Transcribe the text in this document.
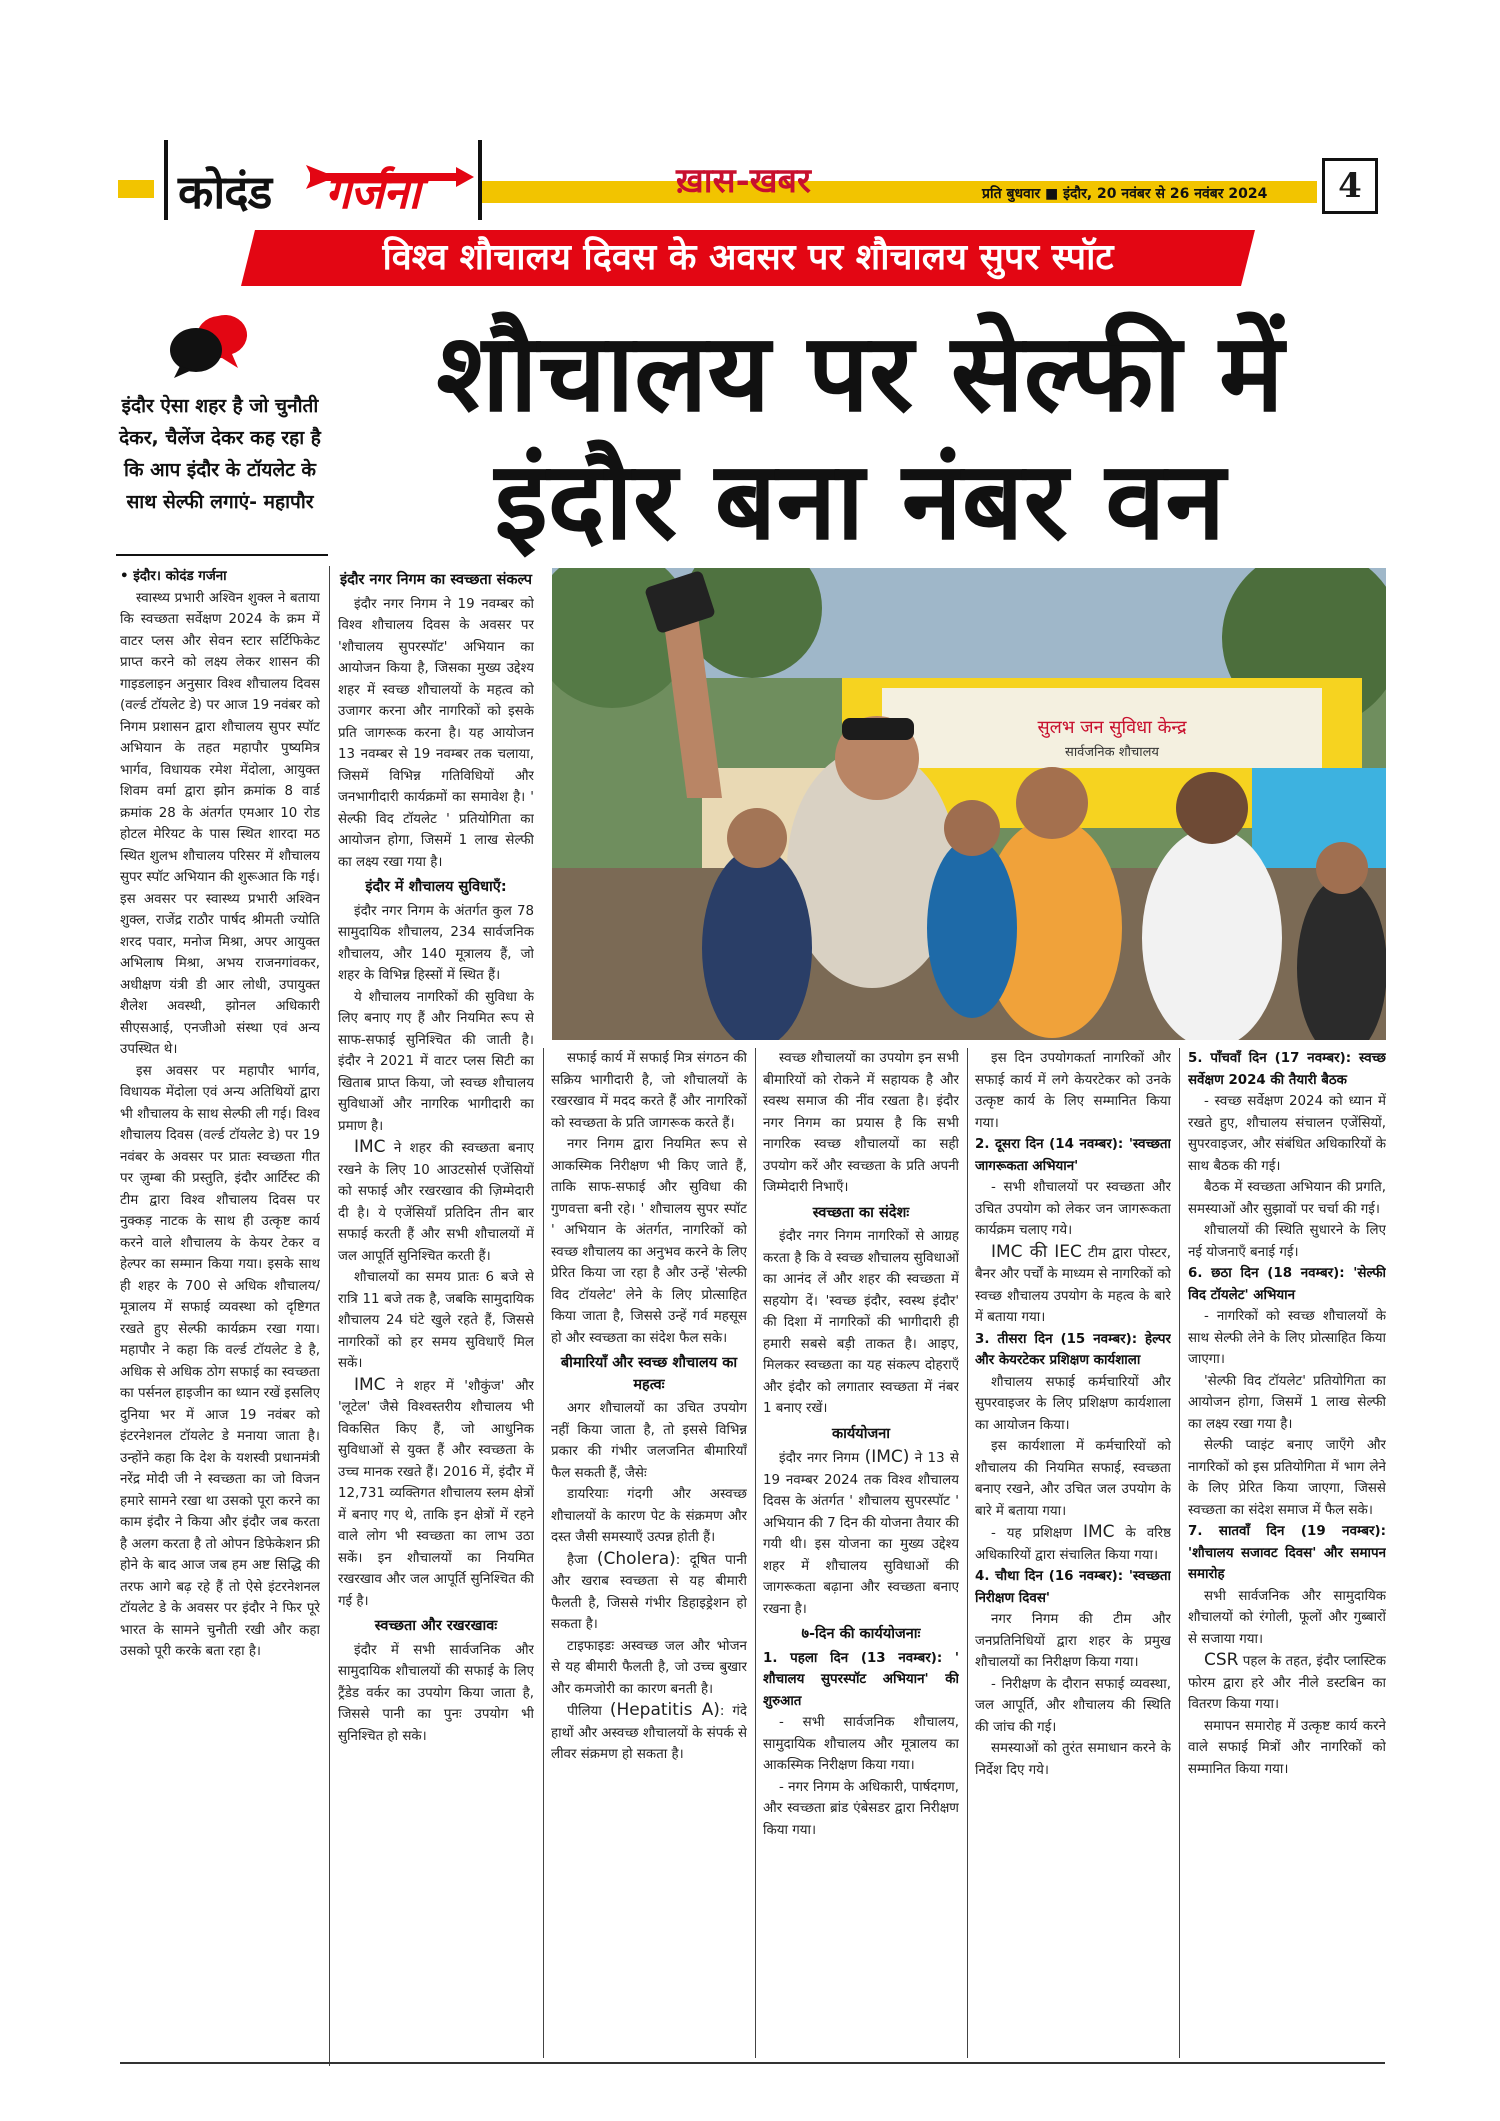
कोदंड गर्जना	ख़ास-खबर	प्रति बुधवार ■ इंदौर, 20 नवंबर से 26 नवंबर 2024	4
विश्व शौचालय दिवस के अवसर पर शौचालय सुपर स्पॉट
शौचालय पर सेल्फी में
इंदौर बना नंबर वन
इंदौर ऐसा शहर है जो चुनौती देकर, चैलेंज देकर कह रहा है कि आप इंदौर के टॉयलेट के साथ सेल्फी लगाएं- महापौर
सुलभ जन सुविधा केन्द्र
सार्वजनिक शौचालय

• इंदौर। कोदंड गर्जना

स्वास्थ्य प्रभारी अश्विन शुक्ल ने बताया कि स्वच्छता सर्वेक्षण 2024 के क्रम में वाटर प्लस और सेवन स्टार सर्टिफिकेट प्राप्त करने को लक्ष्य लेकर शासन की गाइडलाइन अनुसार विश्व शौचालय दिवस (वर्ल्ड टॉयलेट डे) पर आज 19 नवंबर को निगम प्रशासन द्वारा शौचालय सुपर स्पॉट अभियान के तहत महापौर पुष्यमित्र भार्गव, विधायक रमेश मेंदोला, आयुक्त शिवम वर्मा द्वारा झोन क्रमांक 8 वार्ड क्रमांक 28 के अंतर्गत एमआर 10 रोड होटल मेरियट के पास स्थित शारदा मठ स्थित शुलभ शौचालय परिसर में शौचालय सुपर स्पॉट अभियान की शुरूआत कि गई। इस अवसर पर स्वास्थ्य प्रभारी अश्विन शुक्ल, राजेंद्र राठौर पार्षद श्रीमती ज्योति शरद पवार, मनोज मिश्रा, अपर आयुक्त अभिलाष मिश्रा, अभय राजनगांवकर, अधीक्षण यंत्री डी आर लोधी, उपायुक्त शैलेश अवस्थी, झोनल अधिकारी सीएसआई, एनजीओ संस्था एवं अन्य उपस्थित थे।

इस अवसर पर महापौर भार्गव, विधायक मेंदोला एवं अन्य अतिथियों द्वारा भी शौचालय के साथ सेल्फी ली गई। विश्व शौचालय दिवस (वर्ल्ड टॉयलेट डे) पर 19 नवंबर के अवसर पर प्रातः स्वच्छता गीत पर ज़ुम्बा की प्रस्तुति, इंदौर आर्टिस्ट की टीम द्वारा विश्व शौचालय दिवस पर नुक्कड़ नाटक के साथ ही उत्कृष्ट कार्य करने वाले शौचालय के केयर टेकर व हेल्पर का सम्मान किया गया। इसके साथ ही शहर के 700 से अधिक शौचालय/मूत्रालय में सफाई व्यवस्था को दृष्टिगत रखते हुए सेल्फी कार्यक्रम रखा गया। महापौर ने कहा कि वर्ल्ड टॉयलेट डे है, अधिक से अधिक ठोग सफाई का स्वच्छता का पर्सनल हाइजीन का ध्यान रखें इसलिए दुनिया भर में आज 19 नवंबर को इंटरनेशनल टॉयलेट डे मनाया जाता है। उन्होंने कहा कि देश के यशस्वी प्रधानमंत्री नरेंद्र मोदी जी ने स्वच्छता का जो विजन हमारे सामने रखा था उसको पूरा करने का काम इंदौर ने किया और इंदौर जब करता है अलग करता है तो ओपन डिफेकेशन फ्री होने के बाद आज जब हम अष्ट सिद्धि की तरफ आगे बढ़ रहे हैं तो ऐसे इंटरनेशनल टॉयलेट डे के अवसर पर इंदौर ने फिर पूरे भारत के सामने चुनौती रखी और कहा उसको पूरी करके बता रहा है।

इंदौर नगर निगम का स्वच्छता संकल्प

इंदौर नगर निगम ने 19 नवम्बर को विश्व शौचालय दिवस के अवसर पर 'शौचालय सुपरस्पॉट' अभियान का आयोजन किया है, जिसका मुख्य उद्देश्य शहर में स्वच्छ शौचालयों के महत्व को उजागर करना और नागरिकों को इसके प्रति जागरूक करना है। यह आयोजन 13 नवम्बर से 19 नवम्बर तक चलाया, जिसमें विभिन्न गतिविधियों और जनभागीदारी कार्यक्रमों का समावेश है। ' सेल्फी विद टॉयलेट ' प्रतियोगिता का आयोजन होगा, जिसमें 1 लाख सेल्फी का लक्ष्य रखा गया है।

इंदौर में शौचालय सुविधाएँ:

इंदौर नगर निगम के अंतर्गत कुल 78 सामुदायिक शौचालय, 234 सार्वजनिक शौचालय, और 140 मूत्रालय हैं, जो शहर के विभिन्न हिस्सों में स्थित हैं।

ये शौचालय नागरिकों की सुविधा के लिए बनाए गए हैं और नियमित रूप से साफ-सफाई सुनिश्चित की जाती है। इंदौर ने 2021 में वाटर प्लस सिटी का खिताब प्राप्त किया, जो स्वच्छ शौचालय सुविधाओं और नागरिक भागीदारी का प्रमाण है।

IMC ने शहर की स्वच्छता बनाए रखने के लिए 10 आउटसोर्स एजेंसियों को सफाई और रखरखाव की ज़िम्मेदारी दी है। ये एजेंसियाँ प्रतिदिन तीन बार सफाई करती हैं और सभी शौचालयों में जल आपूर्ति सुनिश्चित करती हैं।

शौचालयों का समय प्रातः 6 बजे से रात्रि 11 बजे तक है, जबकि सामुदायिक शौचालय 24 घंटे खुले रहते हैं, जिससे नागरिकों को हर समय सुविधाएँ मिल सकें।

IMC ने शहर में 'शौकुंज' और 'लूटेल' जैसे विश्वस्तरीय शौचालय भी विकसित किए हैं, जो आधुनिक सुविधाओं से युक्त हैं और स्वच्छता के उच्च मानक रखते हैं। 2016 में, इंदौर में 12,731 व्यक्तिगत शौचालय स्लम क्षेत्रों में बनाए गए थे, ताकि इन क्षेत्रों में रहने वाले लोग भी स्वच्छता का लाभ उठा सकें। इन शौचालयों का नियमित रखरखाव और जल आपूर्ति सुनिश्चित की गई है।

स्वच्छता और रखरखावः

इंदौर में सभी सार्वजनिक और सामुदायिक शौचालयों की सफाई के लिए ट्रैंडेड वर्कर का उपयोग किया जाता है, जिससे पानी का पुनः उपयोग भी सुनिश्चित हो सके।

सफाई कार्य में सफाई मित्र संगठन की सक्रिय भागीदारी है, जो शौचालयों के रखरखाव में मदद करते हैं और नागरिकों को स्वच्छता के प्रति जागरूक करते हैं।

नगर निगम द्वारा नियमित रूप से आकस्मिक निरीक्षण भी किए जाते हैं, ताकि साफ-सफाई और सुविधा की गुणवत्ता बनी रहे। ' शौचालय सुपर स्पॉट ' अभियान के अंतर्गत, नागरिकों को स्वच्छ शौचालय का अनुभव करने के लिए प्रेरित किया जा रहा है और उन्हें 'सेल्फी विद टॉयलेट' लेने के लिए प्रोत्साहित किया जाता है, जिससे उन्हें गर्व महसूस हो और स्वच्छता का संदेश फैल सके।

बीमारियाँ और स्वच्छ शौचालय का महत्वः

अगर शौचालयों का उचित उपयोग नहीं किया जाता है, तो इससे विभिन्न प्रकार की गंभीर जलजनित बीमारियाँ फैल सकती हैं, जैसेः

डायरियाः गंदगी और अस्वच्छ शौचालयों के कारण पेट के संक्रमण और दस्त जैसी समस्याएँ उत्पन्न होती हैं।

हैजा (Cholera): दूषित पानी और खराब स्वच्छता से यह बीमारी फैलती है, जिससे गंभीर डिहाइड्रेशन हो सकता है।

टाइफाइडः अस्वच्छ जल और भोजन से यह बीमारी फैलती है, जो उच्च बुखार और कमजोरी का कारण बनती है।

पीलिया (Hepatitis A): गंदे हाथों और अस्वच्छ शौचालयों के संपर्क से लीवर संक्रमण हो सकता है।

स्वच्छ शौचालयों का उपयोग इन सभी बीमारियों को रोकने में सहायक है और स्वस्थ समाज की नींव रखता है। इंदौर नगर निगम का प्रयास है कि सभी नागरिक स्वच्छ शौचालयों का सही उपयोग करें और स्वच्छता के प्रति अपनी जिम्मेदारी निभाएँ।

स्वच्छता का संदेशः

इंदौर नगर निगम नागरिकों से आग्रह करता है कि वे स्वच्छ शौचालय सुविधाओं का आनंद लें और शहर की स्वच्छता में सहयोग दें। 'स्वच्छ इंदौर, स्वस्थ इंदौर' की दिशा में नागरिकों की भागीदारी ही हमारी सबसे बड़ी ताकत है। आइए, मिलकर स्वच्छता का यह संकल्प दोहराएँ और इंदौर को लगातार स्वच्छता में नंबर 1 बनाए रखें।

कार्ययोजना

इंदौर नगर निगम (IMC) ने 13 से 19 नवम्बर 2024 तक विश्व शौचालय दिवस के अंतर्गत ' शौचालय सुपरस्पॉट ' अभियान की 7 दिन की योजना तैयार की गयी थी। इस योजना का मुख्य उद्देश्य शहर में शौचालय सुविधाओं की जागरूकता बढ़ाना और स्वच्छता बनाए रखना है।

७-दिन की कार्ययोजनाः

1. पहला दिन (13 नवम्बर): ' शौचालय सुपरस्पॉट अभियान' की शुरुआत

- सभी सार्वजनिक शौचालय, सामुदायिक शौचालय और मूत्रालय का आकस्मिक निरीक्षण किया गया।

- नगर निगम के अधिकारी, पार्षदगण, और स्वच्छता ब्रांड एंबेसडर द्वारा निरीक्षण किया गया।

इस दिन उपयोगकर्ता नागरिकों और सफाई कार्य में लगे केयरटेकर को उनके उत्कृष्ट कार्य के लिए सम्मानित किया गया।

2. दूसरा दिन (14 नवम्बर): 'स्वच्छता जागरूकता अभियान'

- सभी शौचालयों पर स्वच्छता और उचित उपयोग को लेकर जन जागरूकता कार्यक्रम चलाए गये।

IMC की IEC टीम द्वारा पोस्टर, बैनर और पर्चों के माध्यम से नागरिकों को स्वच्छ शौचालय उपयोग के महत्व के बारे में बताया गया।

3. तीसरा दिन (15 नवम्बर): हेल्पर और केयरटेकर प्रशिक्षण कार्यशाला

शौचालय सफाई कर्मचारियों और सुपरवाइजर के लिए प्रशिक्षण कार्यशाला का आयोजन किया।

इस कार्यशाला में कर्मचारियों को शौचालय की नियमित सफाई, स्वच्छता बनाए रखने, और उचित जल उपयोग के बारे में बताया गया।

- यह प्रशिक्षण IMC के वरिष्ठ अधिकारियों द्वारा संचालित किया गया।

4. चौथा दिन (16 नवम्बर): 'स्वच्छता निरीक्षण दिवस'

नगर निगम की टीम और जनप्रतिनिधियों द्वारा शहर के प्रमुख शौचालयों का निरीक्षण किया गया।

- निरीक्षण के दौरान सफाई व्यवस्था, जल आपूर्ति, और शौचालय की स्थिति की जांच की गई।

समस्याओं को तुरंत समाधान करने के निर्देश दिए गये।

5. पाँचवाँ दिन (17 नवम्बर): स्वच्छ सर्वेक्षण 2024 की तैयारी बैठक

- स्वच्छ सर्वेक्षण 2024 को ध्यान में रखते हुए, शौचालय संचालन एजेंसियों, सुपरवाइजर, और संबंधित अधिकारियों के साथ बैठक की गई।

बैठक में स्वच्छता अभियान की प्रगति, समस्याओं और सुझावों पर चर्चा की गई।

शौचालयों की स्थिति सुधारने के लिए नई योजनाएँ बनाई गई।

6. छठा दिन (18 नवम्बर): 'सेल्फी विद टॉयलेट' अभियान

- नागरिकों को स्वच्छ शौचालयों के साथ सेल्फी लेने के लिए प्रोत्साहित किया जाएगा।

'सेल्फी विद टॉयलेट' प्रतियोगिता का आयोजन होगा, जिसमें 1 लाख सेल्फी का लक्ष्य रखा गया है।

सेल्फी प्वाइंट बनाए जाएँगे और नागरिकों को इस प्रतियोगिता में भाग लेने के लिए प्रेरित किया जाएगा, जिससे स्वच्छता का संदेश समाज में फैल सके।

7. सातवाँ दिन (19 नवम्बर): 'शौचालय सजावट दिवस' और समापन समारोह

सभी सार्वजनिक और सामुदायिक शौचालयों को रंगोली, फूलों और गुब्बारों से सजाया गया।

CSR पहल के तहत, इंदौर प्लास्टिक फोरम द्वारा हरे और नीले डस्टबिन का वितरण किया गया।

समापन समारोह में उत्कृष्ट कार्य करने वाले सफाई मित्रों और नागरिकों को सम्मानित किया गया।
